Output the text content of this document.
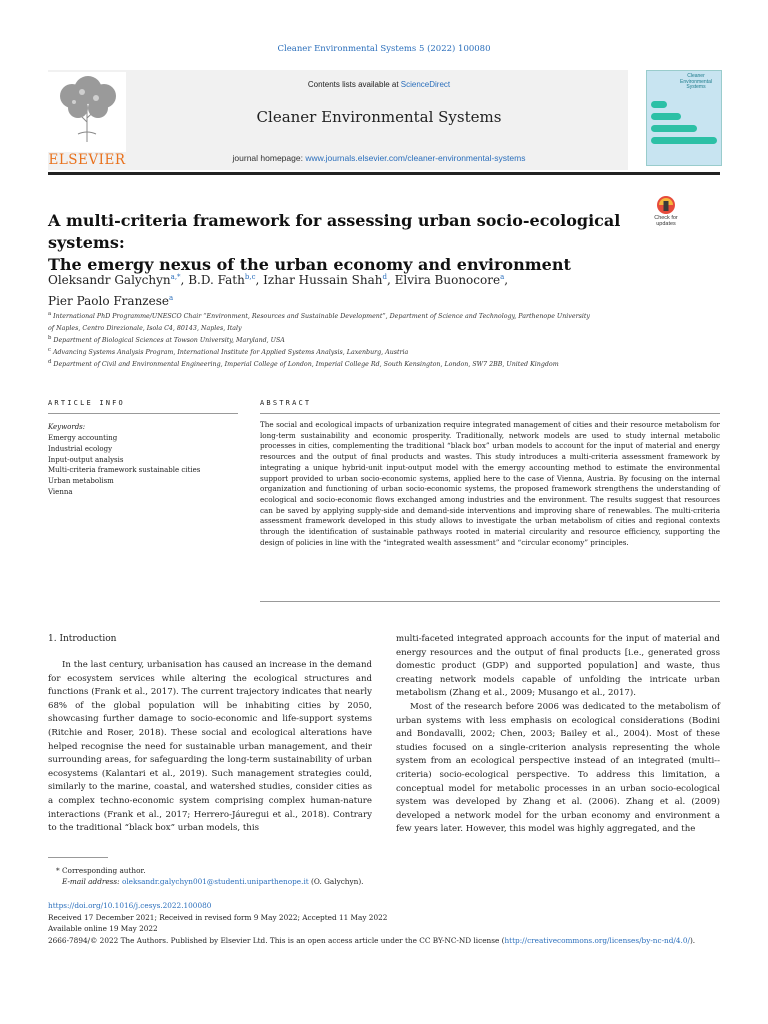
Cleaner Environmental Systems 5 (2022) 100080
ELSEVIER
Contents lists available at ScienceDirect
Cleaner Environmental Systems
journal homepage: www.journals.elsevier.com/cleaner-environmental-systems
Cleaner Environmental Systems
A multi-criteria framework for assessing urban socio-ecological systems:
The emergy nexus of the urban economy and environment
Check for updates
Oleksandr Galychyn$^{a,*}$, B.D. Fath$^{b,c}$, Izhar Hussain Shah$^d$, Elvira Buonocore$^a$,
Pier Paolo Franzese$^a$
$^a$ International PhD Programme/UNESCO Chair “Environment, Resources and Sustainable Development”, Department of Science and Technology, Parthenope University
of Naples, Centro Direzionale, Isola C4, 80143, Naples, Italy
$^b$ Department of Biological Sciences at Towson University, Maryland, USA
$^c$ Advancing Systems Analysis Program, International Institute for Applied Systems Analysis, Laxenburg, Austria
$^d$ Department of Civil and Environmental Engineering, Imperial College of London, Imperial College Rd, South Kensington, London, SW7 2BB, United Kingdom
ARTICLE INFO
Keywords:
Emergy accounting
Industrial ecology
Input-output analysis
Multi-criteria framework sustainable cities
Urban metabolism
Vienna
ABSTRACT
The social and ecological impacts of urbanization require integrated management of cities and their resource metabolism for long-term sustainability and economic prosperity. Traditionally, network models are used to study internal metabolic processes in cities, complementing the traditional “black box” urban models to account for the input of material and energy resources and the output of final products and wastes. This study introduces a multi-criteria assessment framework by integrating a unique hybrid-unit input-output model with the emergy accounting method to estimate the environmental support provided to urban socio-economic systems, applied here to the case of Vienna, Austria. By focusing on the internal organization and functioning of urban socio-economic systems, the proposed framework strengthens the understanding of ecological and socio-economic flows exchanged among industries and the environment. The results suggest that resources can be saved by applying supply-side and demand-side interventions and improving share of renewables. The multi-criteria assessment framework developed in this study allows to investigate the urban metabolism of cities and regional contexts through the identification of sustainable pathways rooted in material circularity and resource efficiency, supporting the design of policies in line with the “integrated wealth assessment” and “circular economy” principles.
1. Introduction

In the last century, urbanisation has caused an increase in the demand for ecosystem services while altering the ecological structures and functions (Frank et al., 2017). The current trajectory indicates that nearly 68% of the global population will be inhabiting cities by 2050, showcasing further damage to socio-economic and life-support systems (Ritchie and Roser, 2018). These social and ecological alterations have helped recognise the need for sustainable urban management, and their surrounding areas, for safeguarding the long-term sustainability of urban ecosystems (Kalantari et al., 2019). Such management strategies could, similarly to the marine, coastal, and watershed studies, consider cities as a complex techno-economic system comprising complex human-nature interactions (Frank et al., 2017; Herrero-Jáuregui et al., 2018). Contrary to the traditional “black box” urban models, this

multi-faceted integrated approach accounts for the input of material and energy resources and the output of final products [i.e., generated gross domestic product (GDP) and supported population] and waste, thus creating network models capable of unfolding the intricate urban metabolism (Zhang et al., 2009; Musango et al., 2017).

Most of the research before 2006 was dedicated to the metabolism of urban systems with less emphasis on ecological considerations (Bodini and Bondavalli, 2002; Chen, 2003; Bailey et al., 2004). Most of these studies focused on a single-criterion analysis representing the whole system from an ecological perspective instead of an integrated (multi--criteria) socio-ecological perspective. To address this limitation, a conceptual model for metabolic processes in an urban socio-ecological system was developed by Zhang et al. (2006). Zhang et al. (2009) developed a network model for the urban economy and environment a few years later. However, this model was highly aggregated, and the

* Corresponding author.
E-mail address: oleksandr.galychyn001@studenti.uniparthenope.it (O. Galychyn).
https://doi.org/10.1016/j.cesys.2022.100080
Received 17 December 2021; Received in revised form 9 May 2022; Accepted 11 May 2022
Available online 19 May 2022
2666-7894/© 2022 The Authors. Published by Elsevier Ltd. This is an open access article under the CC BY-NC-ND license (http://creativecommons.org/licenses/by-nc-nd/4.0/).
